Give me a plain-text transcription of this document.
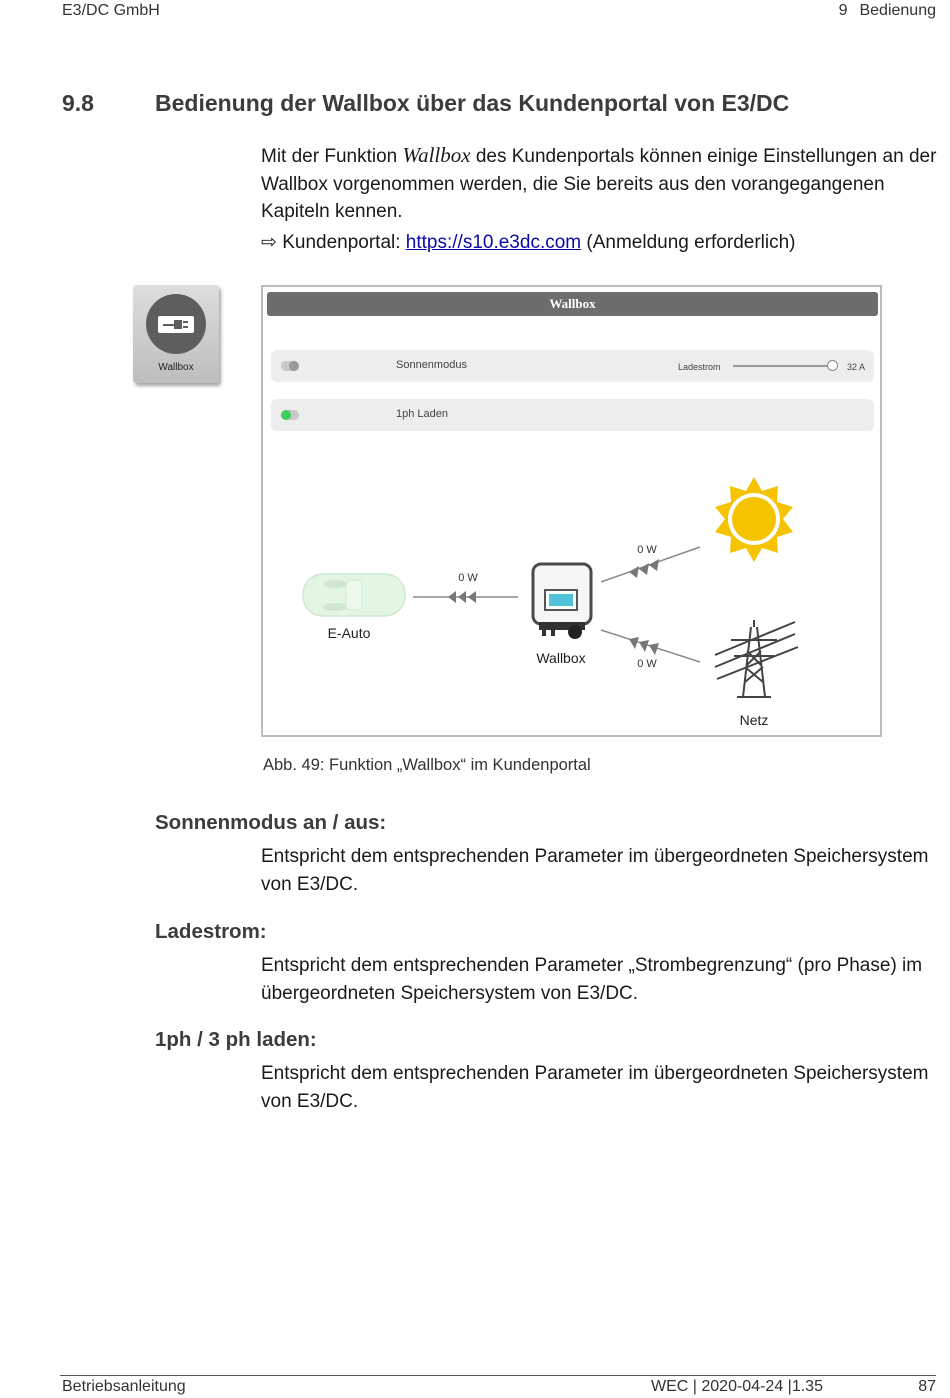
E3/DC GmbH	9 Bedienung
9.8	Bedienung der Wallbox über das Kundenportal von E3/DC
Mit der Funktion Wallbox des Kundenportals können einige Einstellungen an der Wallbox vorgenommen werden, die Sie bereits aus den vorangegangenen Kapiteln kennen.
⇨ Kundenportal: https://s10.e3dc.com (Anmeldung erforderlich)
Wallbox
Wallbox
Sonnenmodus	Ladestrom	32 A
1ph Laden
E-Auto
0 W
Wallbox
0 W
0 W
Netz
Abb. 49: Funktion „Wallbox“ im Kundenportal
Sonnenmodus an / aus:
Entspricht dem entsprechenden Parameter im übergeordneten Speichersystem von E3/DC.
Ladestrom:
Entspricht dem entsprechenden Parameter „Strombegrenzung“ (pro Phase) im übergeordneten Speichersystem von E3/DC.
1ph / 3 ph laden:
Entspricht dem entsprechenden Parameter im übergeordneten Speichersystem von E3/DC.
Betriebsanleitung	WEC | 2020-04-24 |1.35	87
